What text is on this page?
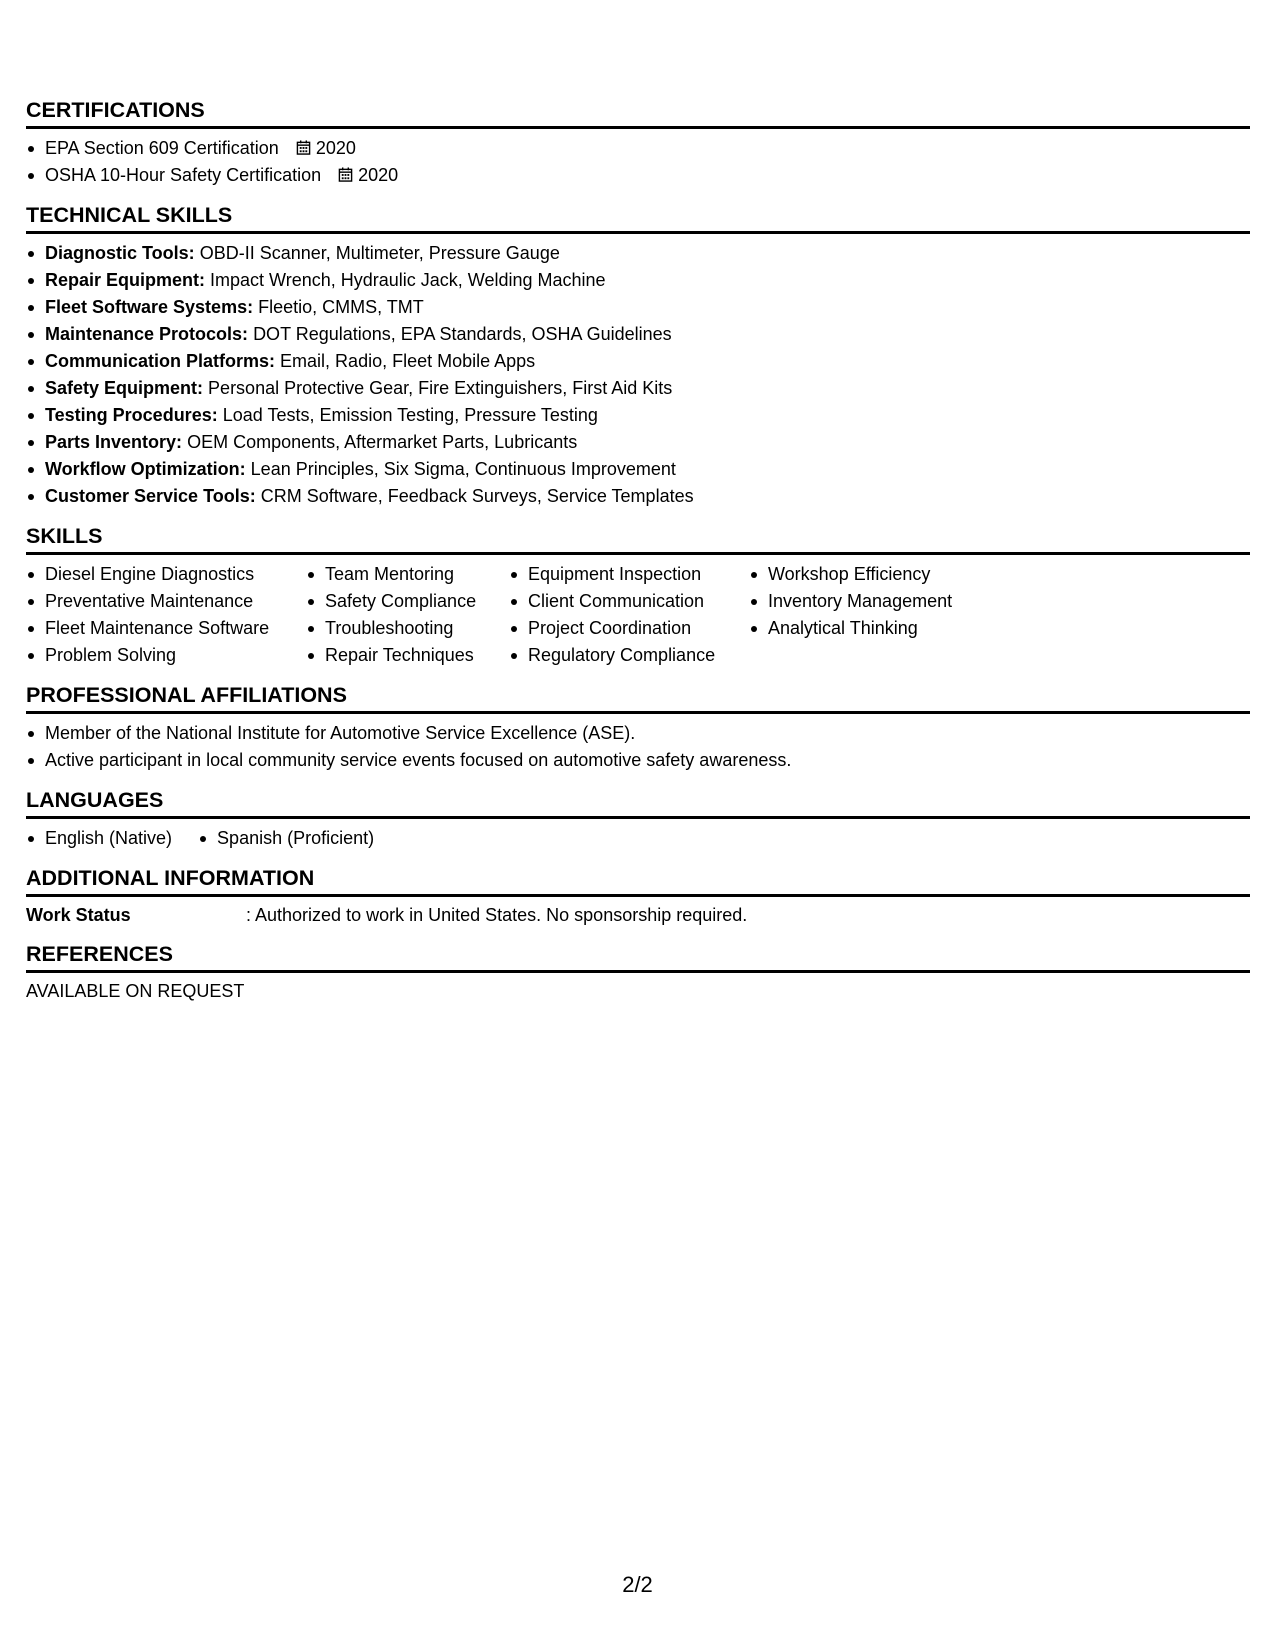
CERTIFICATIONS
EPA Section 609 Certification 2020
OSHA 10-Hour Safety Certification 2020
TECHNICAL SKILLS
Diagnostic Tools: OBD-II Scanner, Multimeter, Pressure Gauge
Repair Equipment: Impact Wrench, Hydraulic Jack, Welding Machine
Fleet Software Systems: Fleetio, CMMS, TMT
Maintenance Protocols: DOT Regulations, EPA Standards, OSHA Guidelines
Communication Platforms: Email, Radio, Fleet Mobile Apps
Safety Equipment: Personal Protective Gear, Fire Extinguishers, First Aid Kits
Testing Procedures: Load Tests, Emission Testing, Pressure Testing
Parts Inventory: OEM Components, Aftermarket Parts, Lubricants
Workflow Optimization: Lean Principles, Six Sigma, Continuous Improvement
Customer Service Tools: CRM Software, Feedback Surveys, Service Templates
SKILLS
Diesel Engine Diagnostics
Preventative Maintenance
Fleet Maintenance Software
Problem Solving
Team Mentoring
Safety Compliance
Troubleshooting
Repair Techniques
Equipment Inspection
Client Communication
Project Coordination
Regulatory Compliance
Workshop Efficiency
Inventory Management
Analytical Thinking
PROFESSIONAL AFFILIATIONS
Member of the National Institute for Automotive Service Excellence (ASE).
Active participant in local community service events focused on automotive safety awareness.
LANGUAGES
English (Native)	Spanish (Proficient)
ADDITIONAL INFORMATION
Work Status	: Authorized to work in United States. No sponsorship required.
REFERENCES
AVAILABLE ON REQUEST
2/2
